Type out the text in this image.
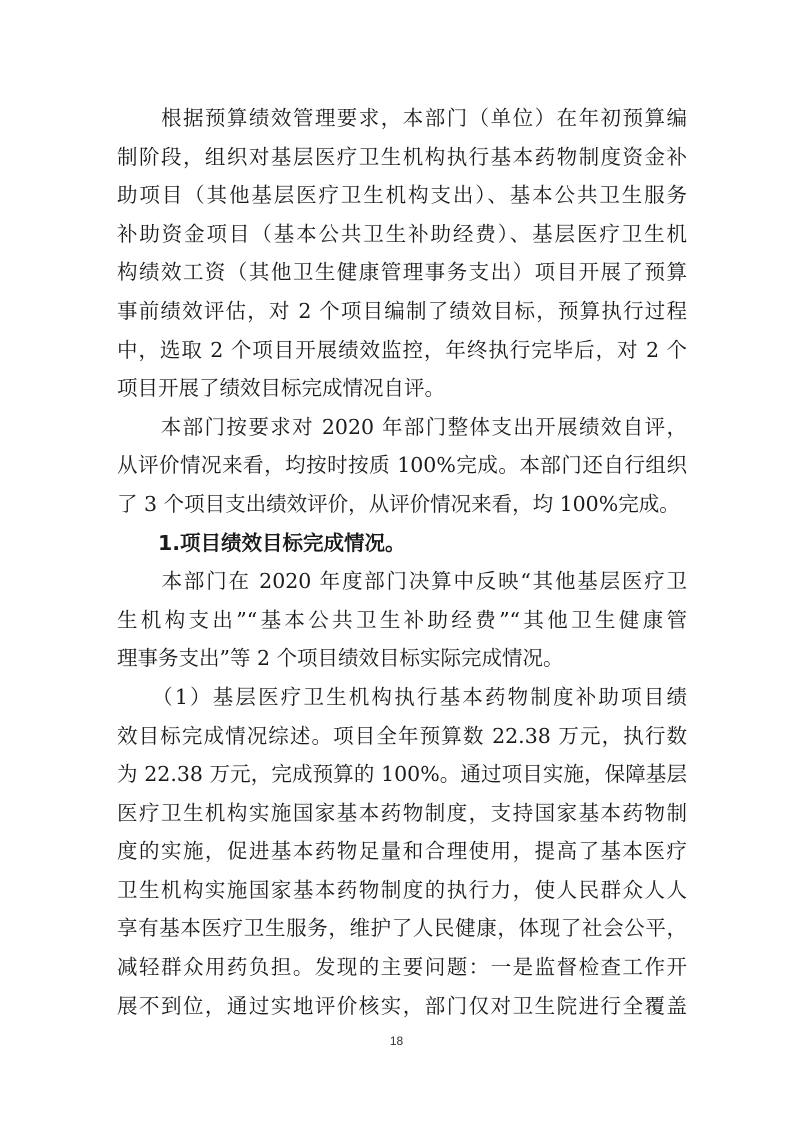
　　根据预算绩效管理要求，本部门（单位）在年初预算编
制阶段，组织对基层医疗卫生机构执行基本药物制度资金补
助项目（其他基层医疗卫生机构支出）、基本公共卫生服务
补助资金项目（基本公共卫生补助经费）、基层医疗卫生机
构绩效工资（其他卫生健康管理事务支出）项目开展了预算
事前绩效评估，对 2 个项目编制了绩效目标，预算执行过程
中，选取 2 个项目开展绩效监控，年终执行完毕后，对 2 个
项目开展了绩效目标完成情况自评。
　　本部门按要求对 2020 年部门整体支出开展绩效自评，
从评价情况来看，均按时按质 100%完成。本部门还自行组织
了 3 个项目支出绩效评价，从评价情况来看，均 100%完成。
　　1.项目绩效目标完成情况。
　　本部门在 2020 年度部门决算中反映“其他基层医疗卫
生机构支出”“基本公共卫生补助经费”“其他卫生健康管
理事务支出”等 2 个项目绩效目标实际完成情况。
　　（1）基层医疗卫生机构执行基本药物制度补助项目绩
效目标完成情况综述。项目全年预算数 22.38 万元，执行数
为 22.38 万元，完成预算的 100%。通过项目实施，保障基层
医疗卫生机构实施国家基本药物制度，支持国家基本药物制
度的实施，促进基本药物足量和合理使用，提高了基本医疗
卫生机构实施国家基本药物制度的执行力，使人民群众人人
享有基本医疗卫生服务，维护了人民健康，体现了社会公平，
减轻群众用药负担。发现的主要问题：一是监督检查工作开
展不到位，通过实地评价核实，部门仅对卫生院进行全覆盖
18
